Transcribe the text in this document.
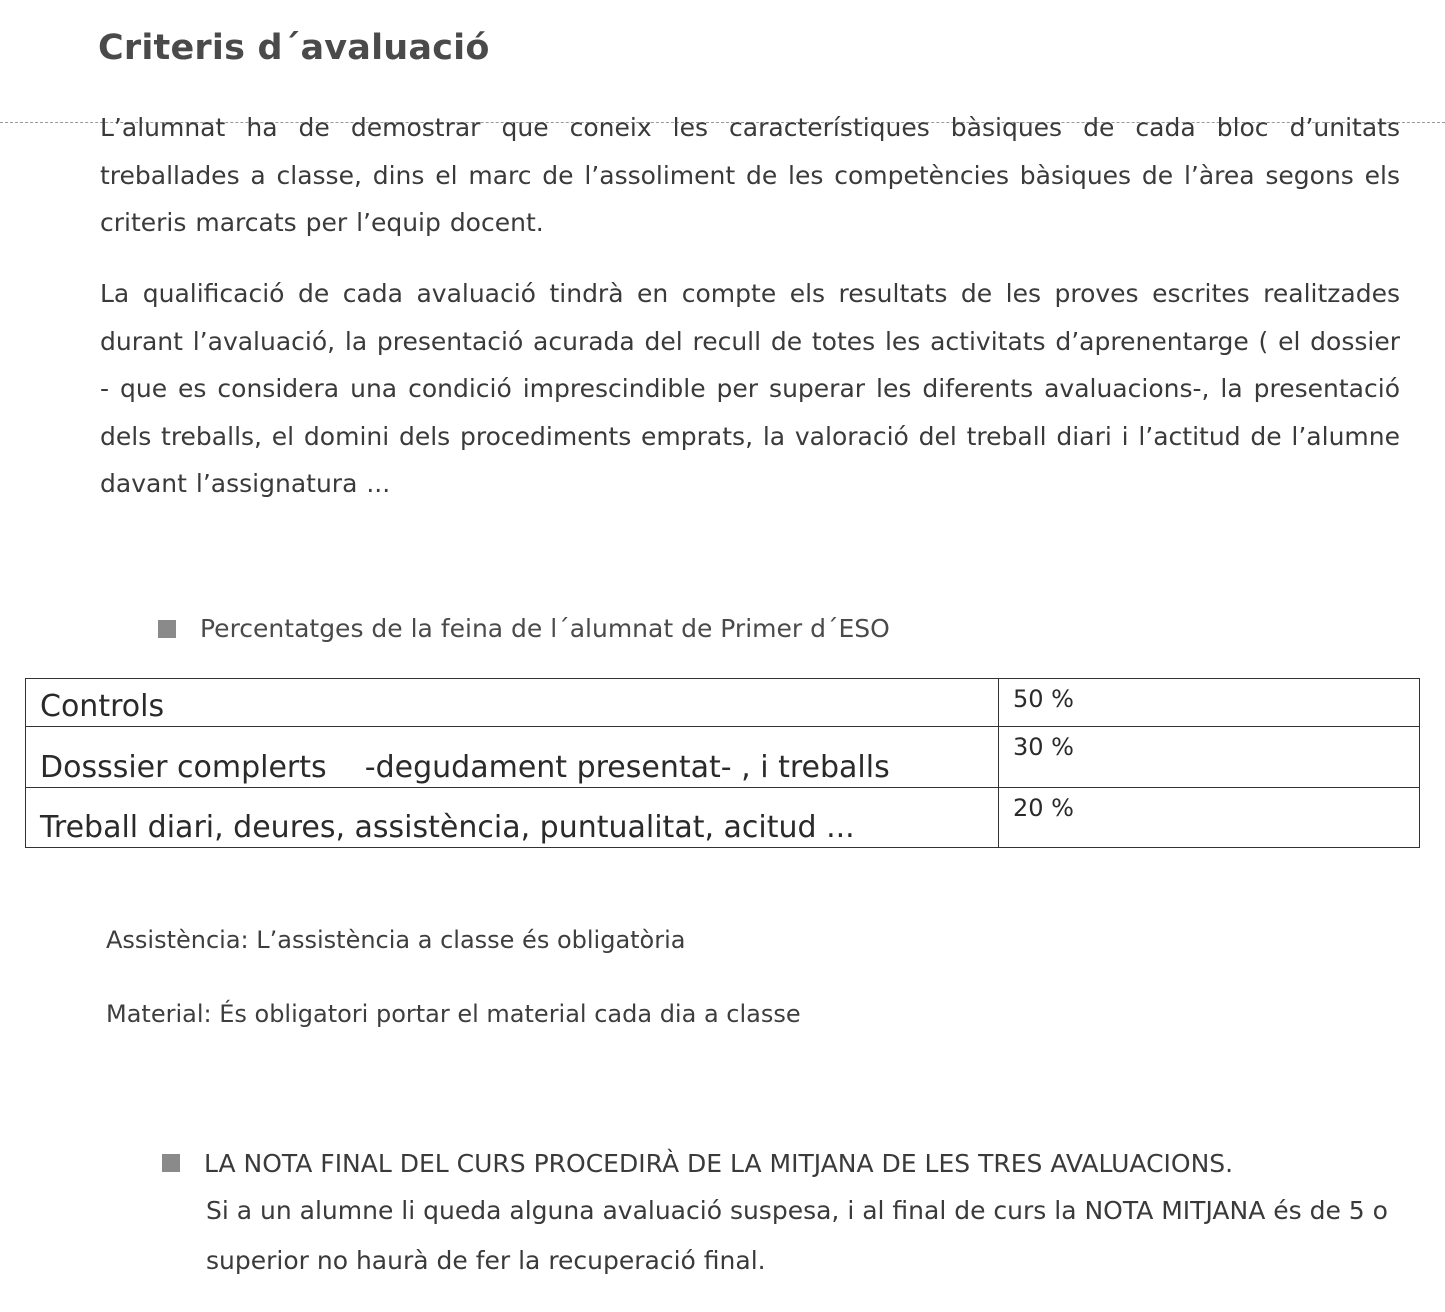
Criteris d´avaluació

L’alumnat ha de demostrar que coneix les característiques bàsiques de cada bloc d’unitats treballades a classe, dins el marc de l’assoliment de les competències bàsiques de l’àrea segons els criteris marcats per l’equip docent.

La qualificació de cada avaluació tindrà en compte els resultats de les proves escrites realitzades durant l’avaluació, la presentació acurada del recull de totes les activitats d’aprenentarge ( el dossier - que es considera una condició imprescindible per superar les diferents avaluacions-, la presentació dels treballs, el domini dels procediments emprats, la valoració del treball diari i l’actitud de l’alumne davant l’assignatura ...

Percentatges de la feina de l´alumnat de Primer d´ESO
Controls	50 %
Dosssier complerts    -degudament presentat- , i treballs	30 %
Treball diari, deures, assistència, puntualitat, acitud ...	20 %

Assistència: L’assistència a classe és obligatòria

Material: És obligatori portar el material cada dia a classe

LA NOTA FINAL DEL CURS PROCEDIRÀ DE LA MITJANA DE LES TRES AVALUACIONS.

Si a un alumne li queda alguna avaluació suspesa, i al final de curs la NOTA MITJANA és de 5 o superior no haurà de fer la recuperació final.
